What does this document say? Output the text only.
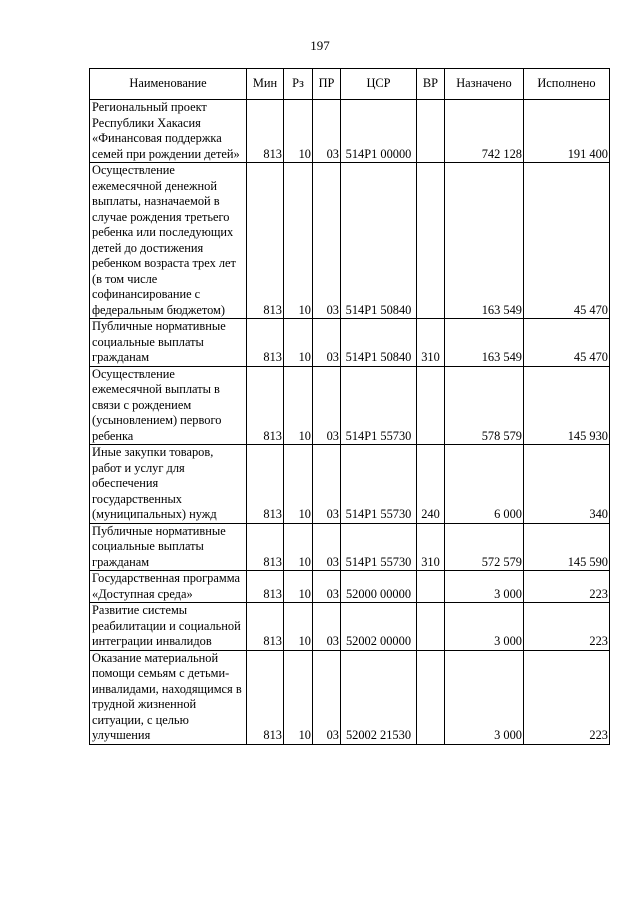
197
Наименование	Мин	Рз	ПР	ЦСР	ВР	Назначено	Исполнено
Региональный проект Республики Хакасия «Финансовая поддержка семей при рождении детей»	813	10	03	514P1 00000		742 128	191 400
Осуществление ежемесячной денежной выплаты, назначаемой в случае рождения третьего ребенка или последующих детей до достижения ребенком возраста трех лет (в том числе софинансирование с федеральным бюджетом)	813	10	03	514P1 50840		163 549	45 470
Публичные нормативные социальные выплаты гражданам	813	10	03	514P1 50840	310	163 549	45 470
Осуществление ежемесячной выплаты в связи с рождением (усыновлением) первого ребенка	813	10	03	514P1 55730		578 579	145 930
Иные закупки товаров, работ и услуг для обеспечения государственных (муниципальных) нужд	813	10	03	514P1 55730	240	6 000	340
Публичные нормативные социальные выплаты гражданам	813	10	03	514P1 55730	310	572 579	145 590
Государственная программа «Доступная среда»	813	10	03	52000 00000		3 000	223
Развитие системы реабилитации и социальной интеграции инвалидов	813	10	03	52002 00000		3 000	223
Оказание материальной помощи семьям с детьми-инвалидами, находящимся в трудной жизненной ситуации, с целью улучшения	813	10	03	52002 21530		3 000	223
